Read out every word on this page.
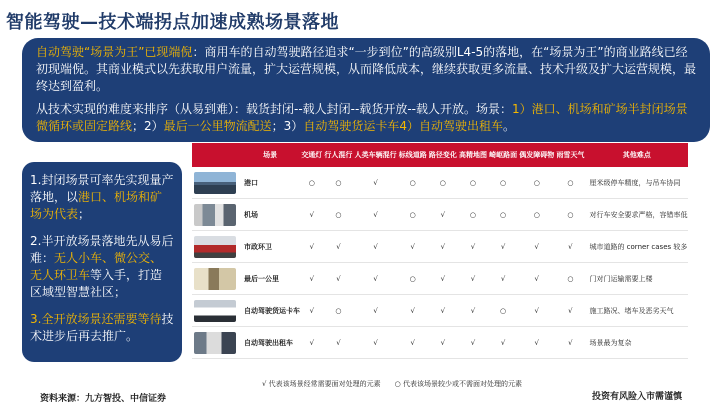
智能驾驶—技术端拐点加速成熟场景落地

自动驾驶“场景为王”已现端倪：商用车的自动驾驶路径追求“一步到位”的高级别L4-5的落地，在“场景为王”的商业路线已经初现端倪。其商业模式以先获取用户流量，扩大运营规模，从而降低成本，继续获取更多流量、技术升级及扩大运营规模，最终达到盈利。

从技术实现的难度来排序（从易到难）：载货封闭--载人封闭--载货开放--载人开放。场景：1）港口、机场和矿场半封闭场景微循环或固定路线；2）最后一公里物流配送；3）自动驾驶货运卡车4）自动驾驶出租车。

1.封闭场景可率先实现量产落地，以港口、机场和矿场为代表；

2.半开放场景落地先从易后难：无人小车、微公交、无人环卫车等入手，打造区域型智慧社区；

3.全开放场景还需要等待技术进步后再去推广。

	场景	交通灯	行人混行	人类车辆混行	标线道路	路径变化	高精地图	崎岖路面	偶发障碍物	雨雪天气	其他难点

	港口	○	○	√	○	○	○	○	○	○	厘米级停车精度，与吊车协同

	机场	√	○	√	○	√	○	○	○	○	对行车安全要求严格，容错率低

	市政环卫	√	√	√	√	√	√	√	√	√	城市道路的 corner cases 较多

	最后一公里	√	√	√	○	√	√	√	√	○	门对门运输需要上楼

	自动驾驶货运卡车	√	○	√	√	√	√	○	√	√	施工路况、堵车及恶劣天气

	自动驾驶出租车	√	√	√	√	√	√	√	√	√	场景最为复杂
√ 代表该场景经常需要面对处理的元素　　○ 代表该场景较少或不需面对处理的元素
资料来源：九方智投、中信证券	投资有风险入市需谨慎
